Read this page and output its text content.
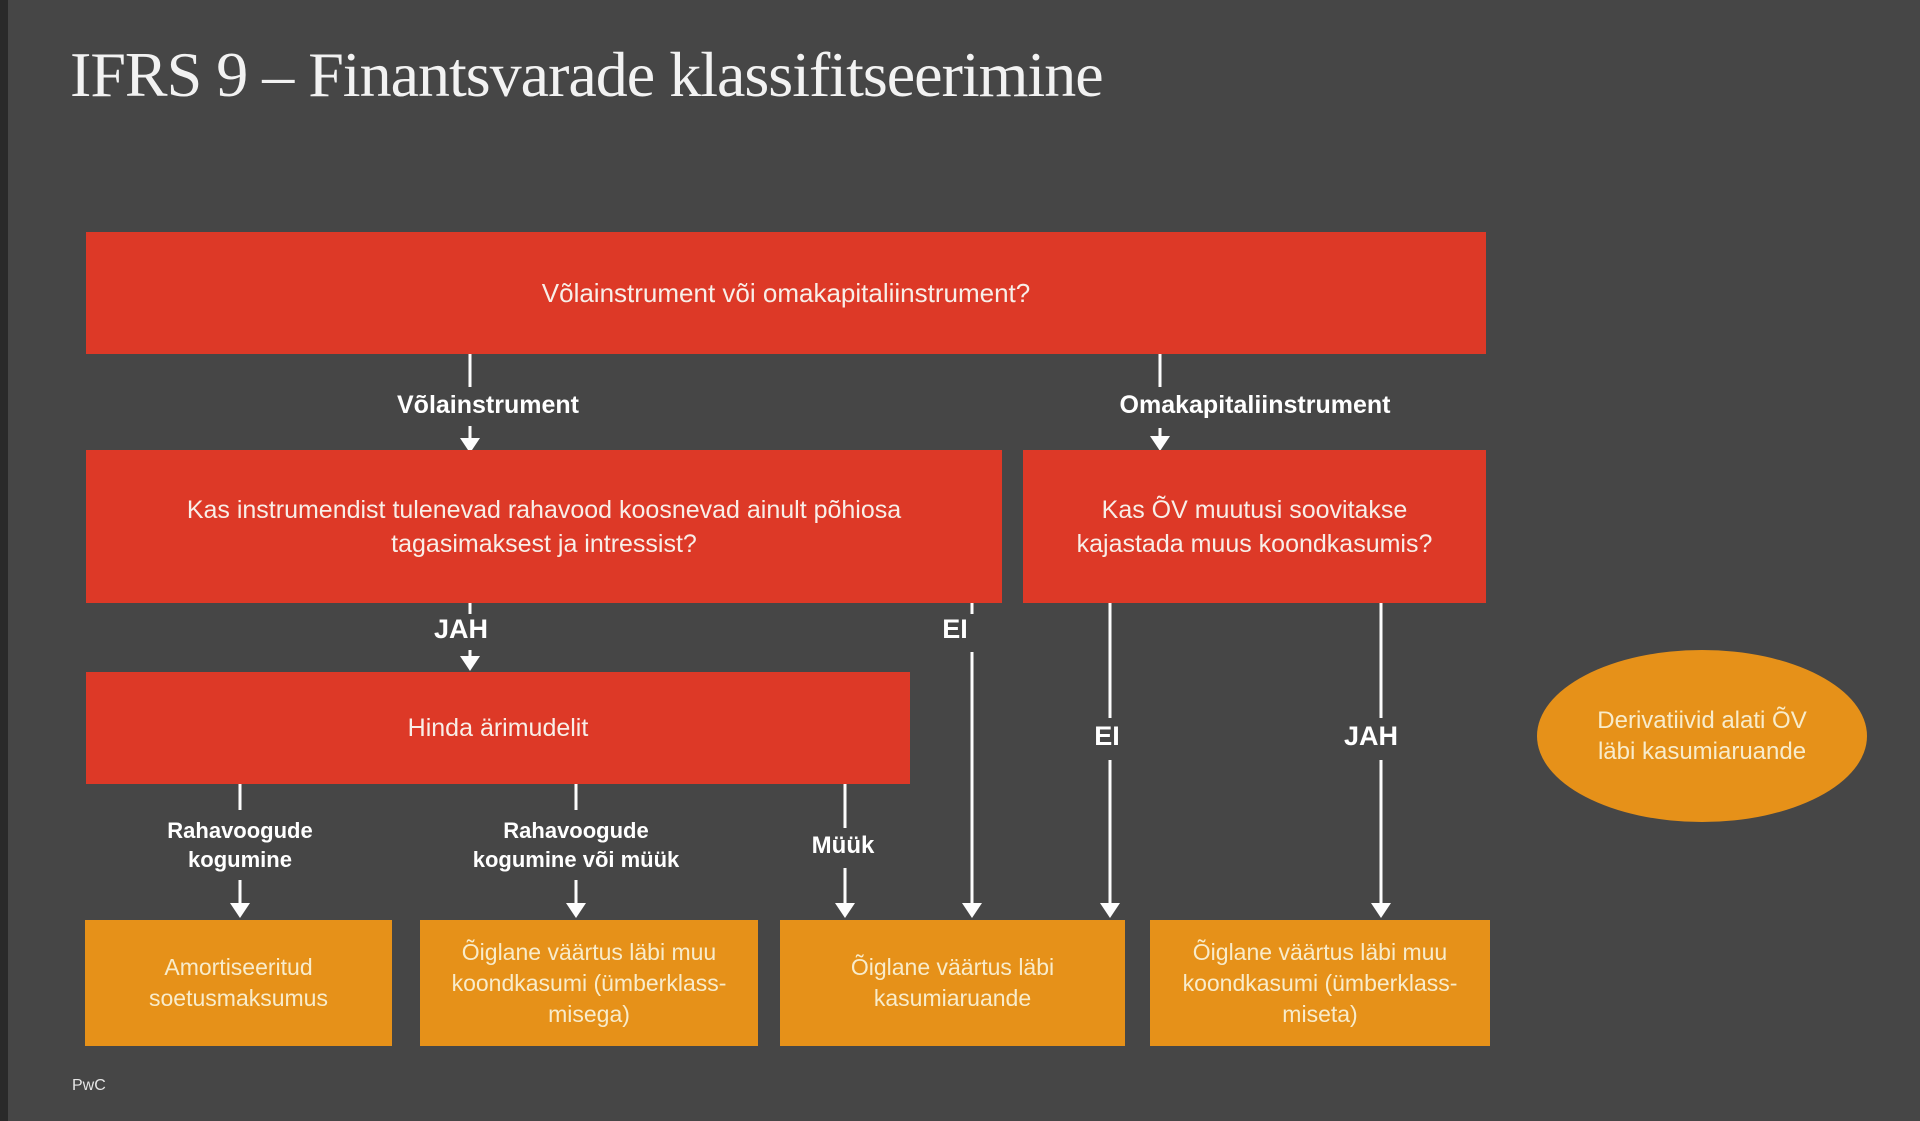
IFRS 9 – Finantsvarade klassifitseerimine
Võlainstrument või omakapitaliinstrument?
Võlainstrument	Omakapitaliinstrument
Kas instrumendist tulenevad rahavood koosnevad ainult põhiosa tagasimaksest ja intressist?
Kas ÕV muutusi soovitakse kajastada muus koondkasumis?
JAH	EI
Hinda ärimudelit	EI	JAH
Derivatiivid alati ÕV läbi kasumiaruande
Rahavoogude kogumine
Rahavoogude kogumine või müük
Müük
Amortiseeritud soetusmaksumus
Õiglane väärtus läbi muu koondkasumi (ümberklass-misega)
Õiglane väärtus läbi kasumiaruande
Õiglane väärtus läbi muu koondkasumi (ümberklass-miseta)
PwC
